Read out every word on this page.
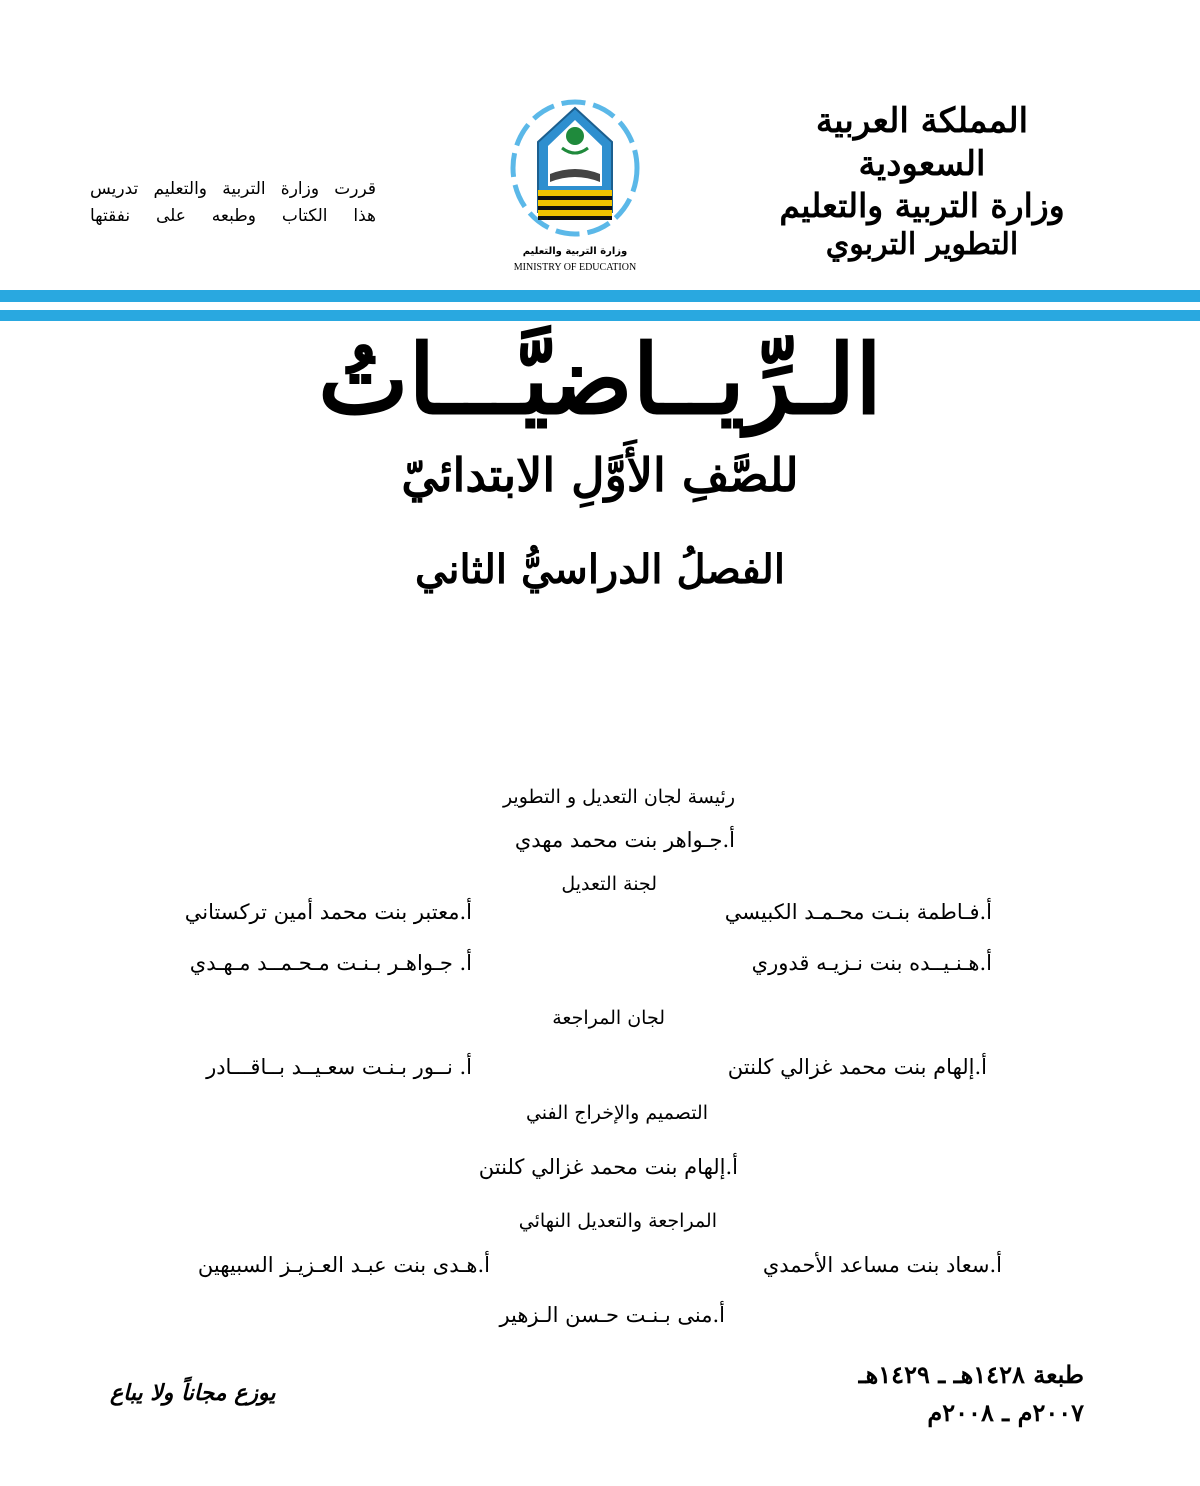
المملكة العربية السعودية
وزارة التربية والتعليم
التطوير التربوي
وزارة التربية والتعليم
MINISTRY OF EDUCATION
قررت وزارة التربية والتعليم تدريس
هذا الكتاب وطبعه على نفقتها
الـرِّيــاضيَّـــاتُ
للصَّفِ الأَوَّلِ الابتدائيّ
الفصلُ الدراسيُّ الثاني
رئيسة لجان التعديل و التطوير
أ.جـواهر بنت محمد مهدي
لجنة التعديل
أ.فـاطمة بنـت محـمـد الكبيسي
أ.معتبر بنت محمد أمين تركستاني
أ.هـنـيــده بنت نـزيـه قدوري
أ. جـواهـر بـنـت مـحـمــد مـهـدي
لجان المراجعة
أ.إلهام بنت محمد غزالي كلنتن
أ. نــور بـنـت سعـيــد بــاقـــادر
التصميم والإخراج الفني
أ.إلهام بنت محمد غزالي كلنتن
المراجعة والتعديل النهائي
أ.سعاد بنت مساعد الأحمدي
أ.هـدى بنت عبـد العـزيـز السبيهين
أ.منى بـنـت حـسن الـزهير
طبعة ١٤٢٨هـ ـ ١٤٢٩هـ
٢٠٠٧م ـ ٢٠٠٨م
يوزع مجاناً ولا يباع
